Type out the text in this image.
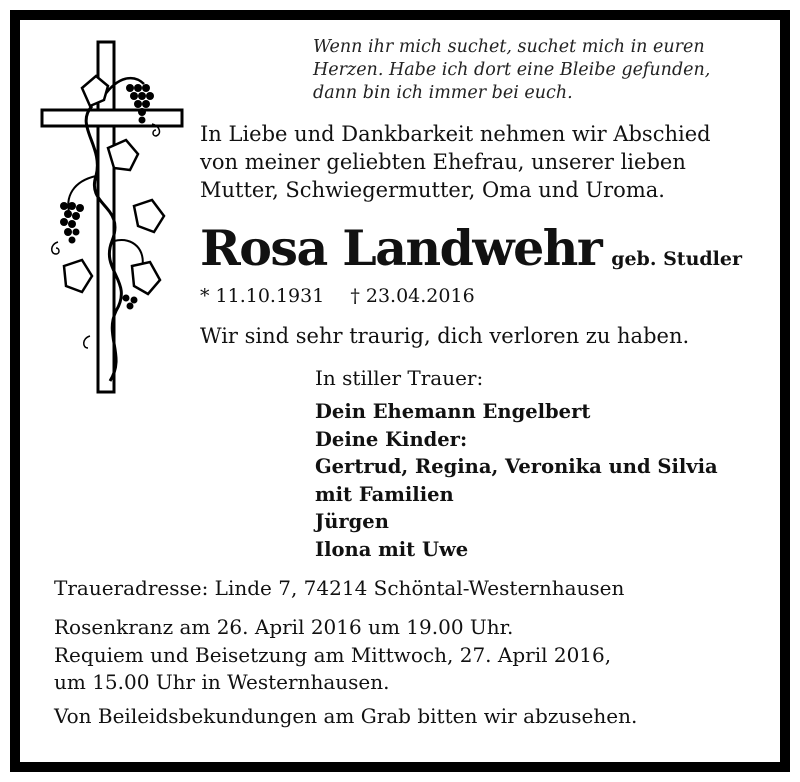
Wenn ihr mich suchet, suchet mich in euren
Herzen. Habe ich dort eine Bleibe gefunden,
dann bin ich immer bei euch.
In Liebe und Dankbarkeit nehmen wir Abschied
von meiner geliebten Ehefrau, unserer lieben
Mutter, Schwiegermutter, Oma und Uroma.
Rosa Landwehr geb. Studler
* 11.10.1931 † 23.04.2016
Wir sind sehr traurig, dich verloren zu haben.
In stiller Trauer:
Dein Ehemann Engelbert
Deine Kinder:
Gertrud, Regina, Veronika und Silvia
mit Familien
Jürgen
Ilona mit Uwe
Traueradresse: Linde 7, 74214 Schöntal-Westernhausen
Rosenkranz am 26. April 2016 um 19.00 Uhr.
Requiem und Beisetzung am Mittwoch, 27. April 2016,
um 15.00 Uhr in Westernhausen.
Von Beileidsbekundungen am Grab bitten wir abzusehen.
